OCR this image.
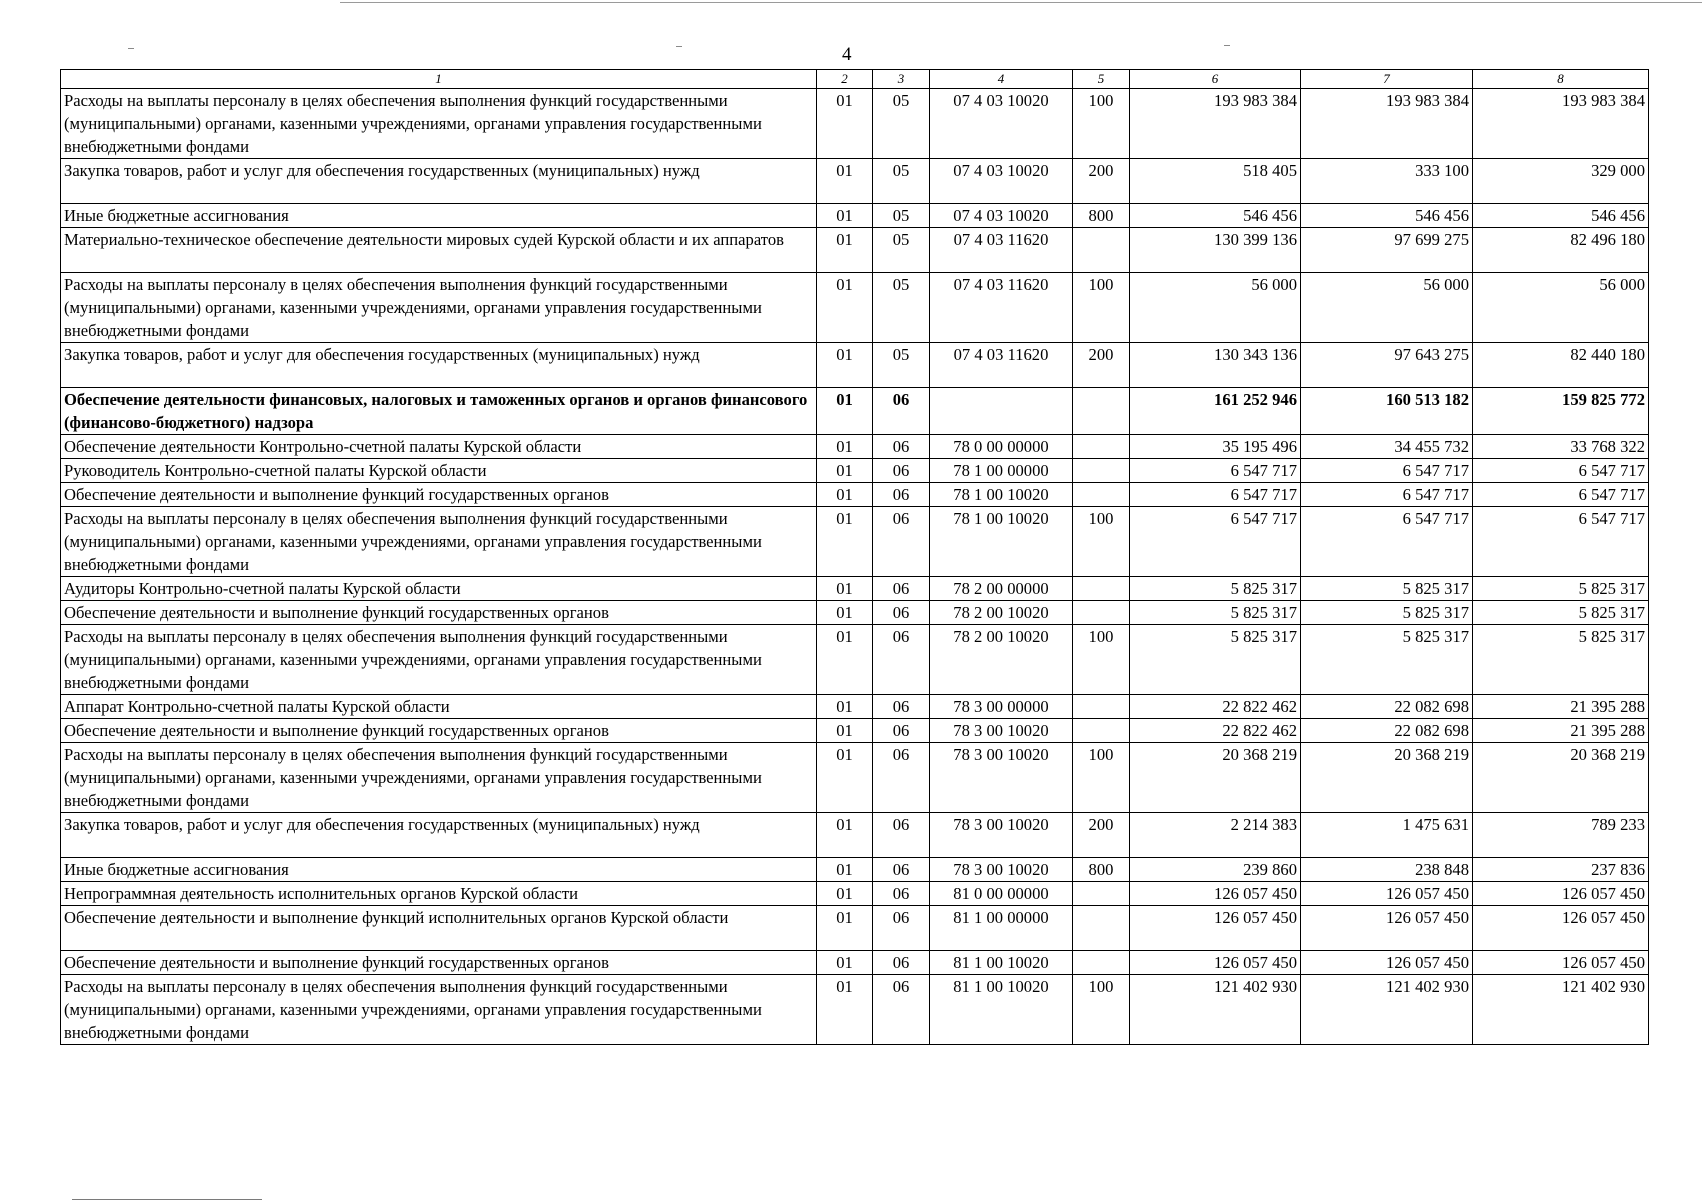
4
1	2	3	4	5	6	7	8
Расходы на выплаты персоналу в целях обеспечения выполнения функций государственными (муниципальными) органами, казенными учреждениями, органами управления государственными внебюджетными фондами	01	05	07 4 03 10020	100	193 983 384	193 983 384	193 983 384
Закупка товаров, работ и услуг для обеспечения государственных (муниципальных) нужд	01	05	07 4 03 10020	200	518 405	333 100	329 000
Иные бюджетные ассигнования	01	05	07 4 03 10020	800	546 456	546 456	546 456
Материально-техническое обеспечение деятельности мировых судей Курской области и их аппаратов	01	05	07 4 03 11620		130 399 136	97 699 275	82 496 180
Расходы на выплаты персоналу в целях обеспечения выполнения функций государственными (муниципальными) органами, казенными учреждениями, органами управления государственными внебюджетными фондами	01	05	07 4 03 11620	100	56 000	56 000	56 000
Закупка товаров, работ и услуг для обеспечения государственных (муниципальных) нужд	01	05	07 4 03 11620	200	130 343 136	97 643 275	82 440 180
Обеспечение деятельности финансовых, налоговых и таможенных органов и органов финансового (финансово-бюджетного) надзора	01	06			161 252 946	160 513 182	159 825 772
Обеспечение деятельности Контрольно-счетной палаты Курской области	01	06	78 0 00 00000		35 195 496	34 455 732	33 768 322
Руководитель Контрольно-счетной палаты Курской области	01	06	78 1 00 00000		6 547 717	6 547 717	6 547 717
Обеспечение деятельности и выполнение функций государственных органов	01	06	78 1 00 10020		6 547 717	6 547 717	6 547 717
Расходы на выплаты персоналу в целях обеспечения выполнения функций государственными (муниципальными) органами, казенными учреждениями, органами управления государственными внебюджетными фондами	01	06	78 1 00 10020	100	6 547 717	6 547 717	6 547 717
Аудиторы Контрольно-счетной палаты Курской области	01	06	78 2 00 00000		5 825 317	5 825 317	5 825 317
Обеспечение деятельности и выполнение функций государственных органов	01	06	78 2 00 10020		5 825 317	5 825 317	5 825 317
Расходы на выплаты персоналу в целях обеспечения выполнения функций государственными (муниципальными) органами, казенными учреждениями, органами управления государственными внебюджетными фондами	01	06	78 2 00 10020	100	5 825 317	5 825 317	5 825 317
Аппарат Контрольно-счетной палаты Курской области	01	06	78 3 00 00000		22 822 462	22 082 698	21 395 288
Обеспечение деятельности и выполнение функций государственных органов	01	06	78 3 00 10020		22 822 462	22 082 698	21 395 288
Расходы на выплаты персоналу в целях обеспечения выполнения функций государственными (муниципальными) органами, казенными учреждениями, органами управления государственными внебюджетными фондами	01	06	78 3 00 10020	100	20 368 219	20 368 219	20 368 219
Закупка товаров, работ и услуг для обеспечения государственных (муниципальных) нужд	01	06	78 3 00 10020	200	2 214 383	1 475 631	789 233
Иные бюджетные ассигнования	01	06	78 3 00 10020	800	239 860	238 848	237 836
Непрограммная деятельность исполнительных органов Курской области	01	06	81 0 00 00000		126 057 450	126 057 450	126 057 450
Обеспечение деятельности и выполнение функций исполнительных органов Курской области	01	06	81 1 00 00000		126 057 450	126 057 450	126 057 450
Обеспечение деятельности и выполнение функций государственных органов	01	06	81 1 00 10020		126 057 450	126 057 450	126 057 450
Расходы на выплаты персоналу в целях обеспечения выполнения функций государственными (муниципальными) органами, казенными учреждениями, органами управления государственными внебюджетными фондами	01	06	81 1 00 10020	100	121 402 930	121 402 930	121 402 930
